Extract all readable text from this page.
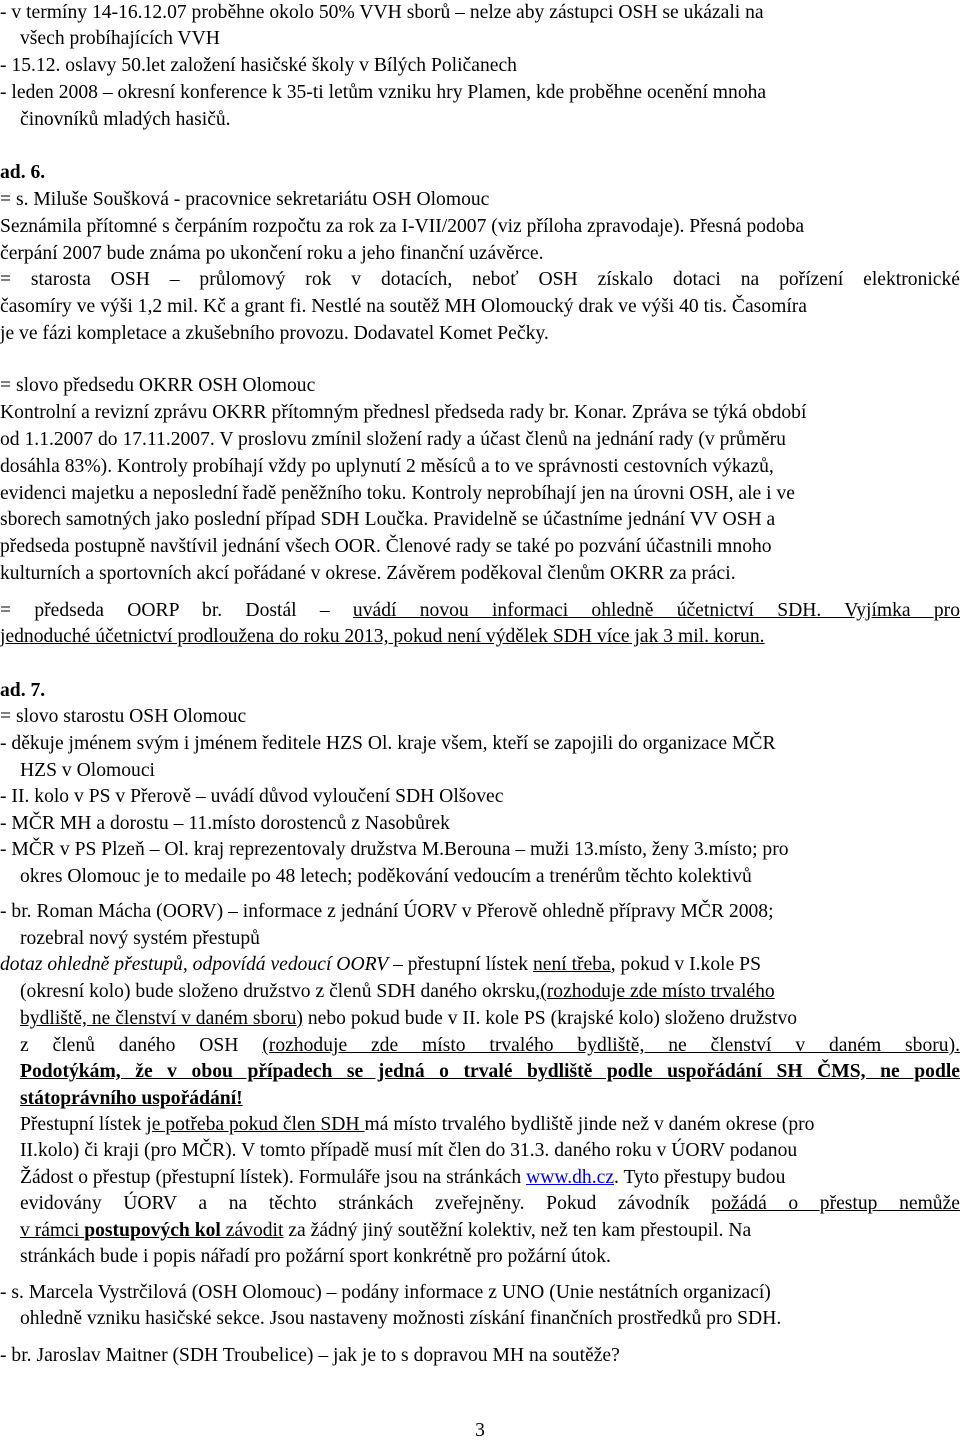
- v termíny 14-16.12.07 proběhne okolo 50% VVH sborů – nelze aby zástupci OSH se ukázali na
všech probíhajících VVH
- 15.12. oslavy 50.let založení hasičské školy v Bílých Poličanech
- leden 2008 – okresní konference k 35-ti letům vzniku hry Plamen, kde proběhne ocenění mnoha
činovníků mladých hasičů.
ad. 6.
= s. Miluše Soušková - pracovnice sekretariátu OSH Olomouc
Seznámila přítomné s čerpáním rozpočtu za rok za I-VII/2007 (viz příloha zpravodaje). Přesná podoba
čerpání 2007 bude známa po ukončení roku a jeho finanční uzávěrce.
= starosta OSH – průlomový rok v dotacích, neboť OSH získalo dotaci na pořízení elektronické
časomíry ve výši 1,2 mil. Kč a grant fi. Nestlé na soutěž MH Olomoucký drak ve výši 40 tis. Časomíra
je ve fázi kompletace a zkušebního provozu. Dodavatel Komet Pečky.
= slovo předsedu OKRR OSH Olomouc
Kontrolní a revizní zprávu OKRR přítomným přednesl předseda rady br. Konar. Zpráva se týká období
od 1.1.2007 do 17.11.2007. V proslovu zmínil složení rady a účast členů na jednání rady (v průměru
dosáhla 83%). Kontroly probíhají vždy po uplynutí 2 měsíců a to ve správnosti cestovních výkazů,
evidenci majetku a neposlední řadě peněžního toku. Kontroly neprobíhají jen na úrovni OSH, ale i ve
sborech samotných jako poslední případ SDH Loučka. Pravidelně se účastníme jednání VV OSH a
předseda postupně navštívil jednání všech OOR. Členové rady se také po pozvání účastnili mnoho
kulturních a sportovních akcí pořádané v okrese. Závěrem poděkoval členům OKRR za práci.
= předseda OORP br. Dostál – uvádí novou informaci ohledně účetnictví SDH. Vyjímka pro
jednoduché účetnictví prodloužena do roku 2013, pokud není výdělek SDH více jak 3 mil. korun.
ad. 7.
= slovo starostu OSH Olomouc
- děkuje jménem svým i jménem ředitele HZS Ol. kraje všem, kteří se zapojili do organizace MČR
HZS v Olomouci
- II. kolo v PS v Přerově – uvádí důvod vyloučení SDH Olšovec
- MČR MH a dorostu – 11.místo dorostenců z Nasobůrek
- MČR v PS Plzeň – Ol. kraj reprezentovaly družstva M.Berouna – muži 13.místo, ženy 3.místo; pro
okres Olomouc je to medaile po 48 letech; poděkování vedoucím a trenérům těchto kolektivů
- br. Roman Mácha (OORV) – informace z jednání ÚORV v Přerově ohledně přípravy MČR 2008;
rozebral nový systém přestupů
dotaz ohledně přestupů, odpovídá vedoucí OORV – přestupní lístek není třeba, pokud v I.kole PS
(okresní kolo) bude složeno družstvo z členů SDH daného okrsku,(rozhoduje zde místo trvalého
bydliště, ne členství v daném sboru) nebo pokud bude v II. kole PS (krajské kolo) složeno družstvo
z členů daného OSH (rozhoduje zde místo trvalého bydliště, ne členství v daném sboru).
Podotýkám, že v obou případech se jedná o trvalé bydliště podle uspořádání SH ČMS, ne podle
státoprávního uspořádání!
Přestupní lístek je potřeba pokud člen SDH má místo trvalého bydliště jinde než v daném okrese (pro
II.kolo) či kraji (pro MČR). V tomto případě musí mít člen do 31.3. daného roku v ÚORV podanou
Žádost o přestup (přestupní lístek). Formuláře jsou na stránkách www.dh.cz. Tyto přestupy budou
evidovány ÚORV a na těchto stránkách zveřejněny. Pokud závodník požádá o přestup nemůže
v rámci postupových kol závodit za žádný jiný soutěžní kolektiv, než ten kam přestoupil. Na
stránkách bude i popis nářadí pro požární sport konkrétně pro požární útok.
- s. Marcela Vystrčilová (OSH Olomouc) – podány informace z UNO (Unie nestátních organizací)
ohledně vzniku hasičské sekce. Jsou nastaveny možnosti získání finančních prostředků pro SDH.
- br. Jaroslav Maitner (SDH Troubelice) – jak je to s dopravou MH na soutěže?
3
